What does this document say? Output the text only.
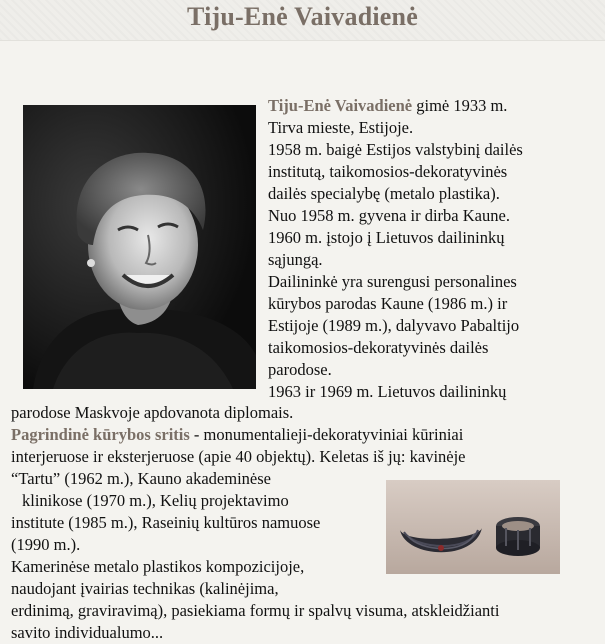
Tiju-Enė Vaivadienė

Tiju-Enė Vaivadienė gimė 1933 m.

Tirva mieste, Estijoje.

1958 m. baigė Estijos valstybinį dailės

institutą, taikomosios-dekoratyvinės

dailės specialybę (metalo plastika).

Nuo 1958 m. gyvena ir dirba Kaune.

1960 m. įstojo į Lietuvos dailininkų

sąjungą.

Dailininkė yra surengusi personalines

kūrybos parodas Kaune (1986 m.) ir

Estijoje (1989 m.), dalyvavo Pabaltijo

taikomosios-dekoratyvinės dailės

parodose.

1963 ir 1969 m. Lietuvos dailininkų

parodose Maskvoje apdovanota diplomais.

Pagrindinė kūrybos sritis - monumentalieji-dekoratyviniai kūriniai

interjeruose ir eksterjeruose (apie 40 objektų). Keletas iš jų: kavinėje

“Tartu” (1962 m.), Kauno akademinėse

klinikose (1970 m.), Kelių projektavimo

institute (1985 m.), Raseinių kultūros namuose

(1990 m.).

Kamerinėse metalo plastikos kompozicijoje,

naudojant įvairias technikas (kalinėjima,

erdinimą, graviravimą), pasiekiama formų ir spalvų visuma, atskleidžianti

savito individualumo...
